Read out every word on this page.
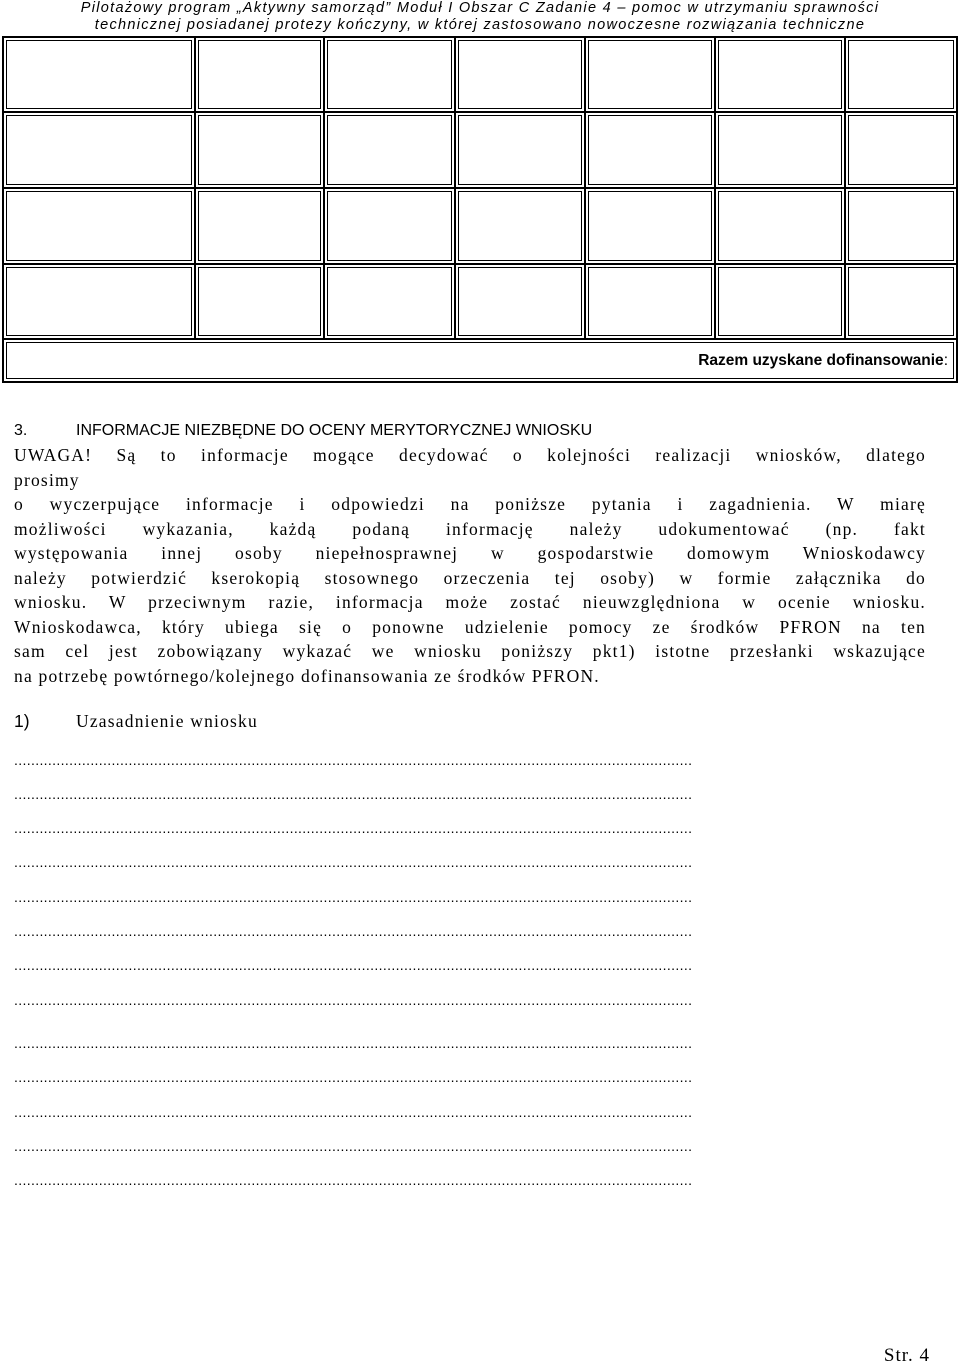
Pilotażowy program „Aktywny samorząd” Moduł I Obszar C Zadanie 4 – pomoc w utrzymaniu sprawności
technicznej posiadanej protezy kończyny, w której zastosowano nowoczesne rozwiązania techniczne

Razem uzyskane dofinansowanie:						
3.	INFORMACJE NIEZBĘDNE DO OCENY MERYTORYCZNEJ WNIOSKU
UWAGA! Są to informacje mogące decydować o kolejności realizacji wniosków, dlatego
prosimy
o wyczerpujące informacje i odpowiedzi na poniższe pytania i zagadnienia. W miarę
możliwości wykazania, każdą podaną informację należy udokumentować (np. fakt
występowania innej osoby niepełnosprawnej w gospodarstwie domowym Wnioskodawcy
należy potwierdzić kserokopią stosownego orzeczenia tej osoby) w formie załącznika do
wniosku. W przeciwnym razie, informacja może zostać nieuwzględniona w ocenie wniosku.
Wnioskodawca, który ubiega się o ponowne udzielenie pomocy ze środków PFRON na ten
sam cel jest zobowiązany wykazać we wniosku poniższy pkt1) istotne przesłanki wskazujące
na potrzebę powtórnego/kolejnego dofinansowania ze środków PFRON.
1)	Uzasadnienie wniosku
................................................................................................................................................................
................................................................................................................................................................
................................................................................................................................................................
................................................................................................................................................................
................................................................................................................................................................
................................................................................................................................................................
................................................................................................................................................................
................................................................................................................................................................
................................................................................................................................................................
................................................................................................................................................................
................................................................................................................................................................
................................................................................................................................................................
................................................................................................................................................................
Str. 4
